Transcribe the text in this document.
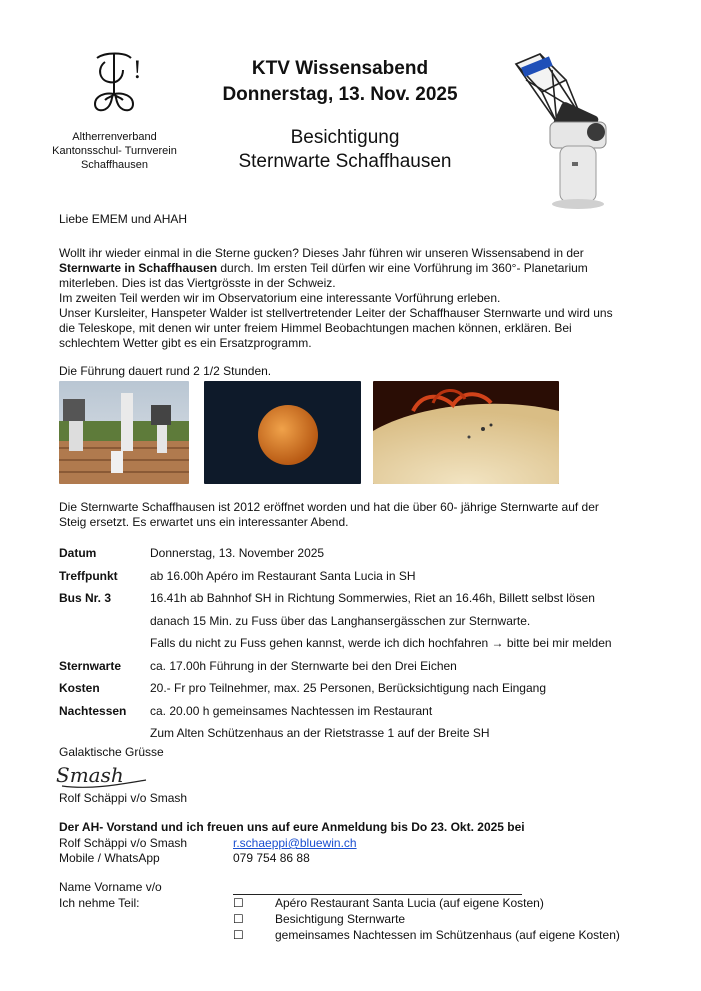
!
Altherrenverband
Kantonsschul- Turnverein
Schaffhausen
KTV Wissensabend
Donnerstag, 13. Nov. 2025
Besichtigung
Sternwarte Schaffhausen
Liebe EMEM und AHAH

Wollt ihr wieder einmal in die Sterne gucken? Dieses Jahr führen wir unseren Wissensabend in der

Sternwarte in Schaffhausen durch. Im ersten Teil dürfen wir eine Vorführung im 360°- Planetarium

miterleben. Dies ist das Viertgrösste in der Schweiz.

Im zweiten Teil werden wir im Observatorium eine interessante Vorführung erleben.

Unser Kursleiter, Hanspeter Walder ist stellvertretender Leiter der Schaffhauser Sternwarte und wird uns

die Teleskope, mit denen wir unter freiem Himmel Beobachtungen machen können, erklären. Bei

schlechtem Wetter gibt es ein Ersatzprogramm.

Die Führung dauert rund 2 1/2 Stunden.

Die Sternwarte Schaffhausen ist 2012 eröffnet worden und hat die über 60- jährige Sternwarte auf der

Steig ersetzt. Es erwartet uns ein interessanter Abend.

Datum	Donnerstag, 13. November 2025
Treffpunkt	ab 16.00h Apéro im Restaurant Santa Lucia in SH
Bus Nr. 3	16.41h ab Bahnhof SH in Richtung Sommerwies, Riet an 16.46h, Billett selbst lösen
danach 15 Min. zu Fuss über das Langhansergässchen zur Sternwarte.
Falls du nicht zu Fuss gehen kannst, werde ich dich hochfahren → bitte bei mir melden
Sternwarte	ca. 17.00h Führung in der Sternwarte bei den Drei Eichen
Kosten	20.- Fr pro Teilnehmer, max. 25 Personen, Berücksichtigung nach Eingang
Nachtessen	ca. 20.00 h gemeinsames Nachtessen im Restaurant
Zum Alten Schützenhaus an der Rietstrasse 1 auf der Breite SH
Galaktische Grüsse
Smash
Rolf Schäppi v/o Smash
Der AH- Vorstand und ich freuen uns auf eure Anmeldung bis Do 23. Okt. 2025 bei
Rolf Schäppi v/o Smash	r.schaeppi@bluewin.ch
Mobile / WhatsApp	079 754 86 88
Name Vorname v/o
Ich nehme Teil:	☐	Apéro Restaurant Santa Lucia (auf eigene Kosten)
☐	Besichtigung Sternwarte
☐	gemeinsames Nachtessen im Schützenhaus (auf eigene Kosten)
